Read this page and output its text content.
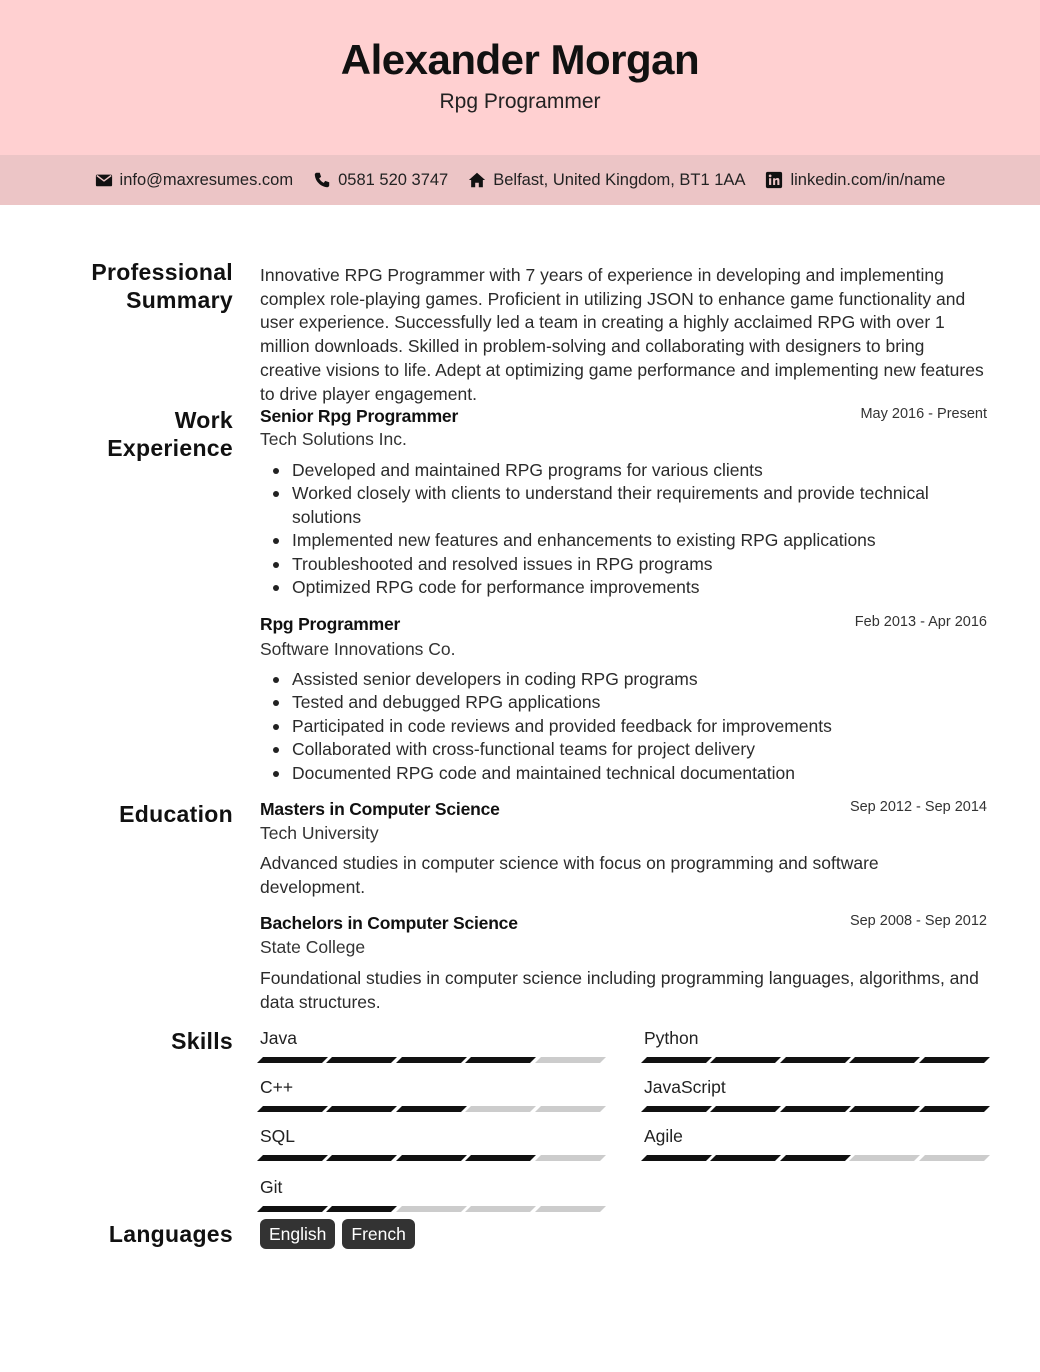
Alexander Morgan
Rpg Programmer
info@maxresumes.com	0581 520 3747	Belfast, United Kingdom, BT1 1AA	linkedin.com/in/name
Professional
Summary
Innovative RPG Programmer with 7 years of experience in developing and implementing complex role-playing games. Proficient in utilizing JSON to enhance game functionality and user experience. Successfully led a team in creating a highly acclaimed RPG with over 1 million downloads. Skilled in problem-solving and collaborating with designers to bring creative visions to life. Adept at optimizing game performance and implementing new features to drive player engagement.
Work
Experience
Senior Rpg Programmer	May 2016 - Present
Tech Solutions Inc.
Developed and maintained RPG programs for various clients
Worked closely with clients to understand their requirements and provide technical solutions
Implemented new features and enhancements to existing RPG applications
Troubleshooted and resolved issues in RPG programs
Optimized RPG code for performance improvements
Rpg Programmer	Feb 2013 - Apr 2016
Software Innovations Co.
Assisted senior developers in coding RPG programs
Tested and debugged RPG applications
Participated in code reviews and provided feedback for improvements
Collaborated with cross-functional teams for project delivery
Documented RPG code and maintained technical documentation
Education Masters in Computer Science	Sep 2012 - Sep 2014
Tech University
Advanced studies in computer science with focus on programming and software development.
Bachelors in Computer Science	Sep 2008 - Sep 2012
State College
Foundational studies in computer science including programming languages, algorithms, and data structures.
Skills Java	Python
C++	JavaScript
SQL	Agile
Git
Languages	English	French
